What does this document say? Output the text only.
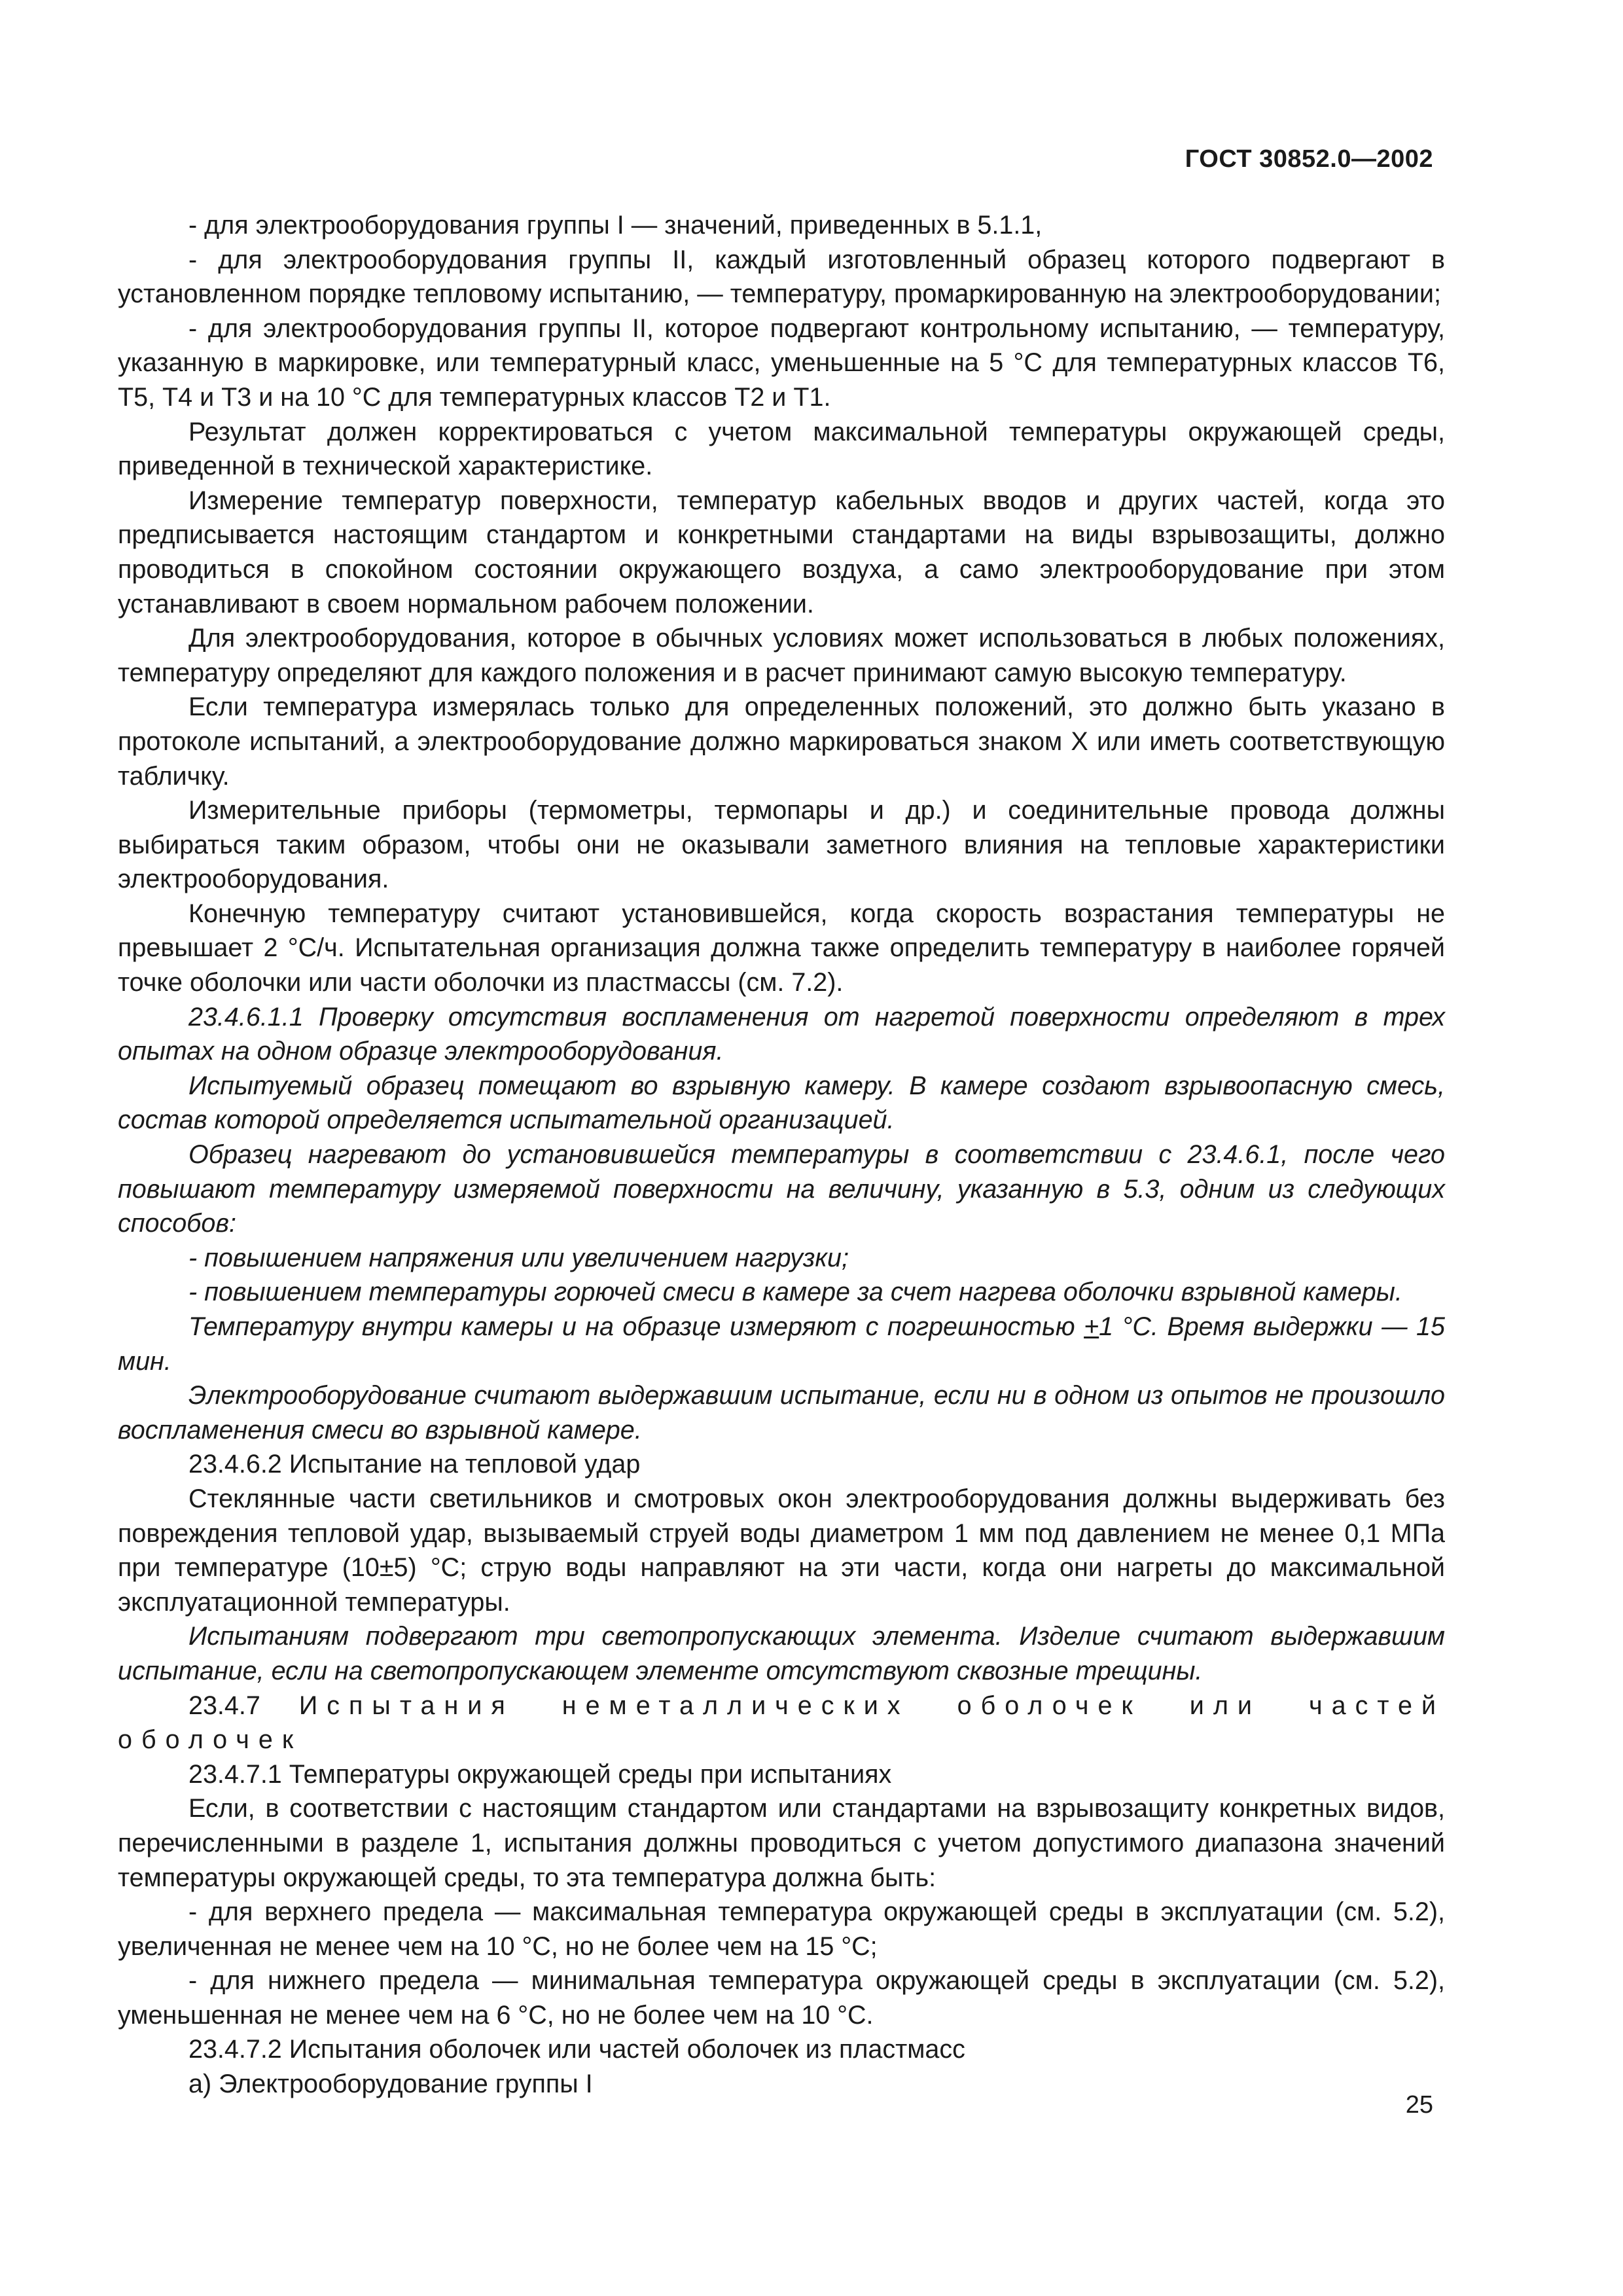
ГОСТ 30852.0—2002

- для электрооборудования группы I — значений, приведенных в 5.1.1,

- для электрооборудования группы II, каждый изготовленный образец которого подвергают в установленном порядке тепловому испытанию, — температуру, промаркированную на электрооборудовании;

- для электрооборудования группы II, которое подвергают контрольному испытанию, — температуру, указанную в маркировке, или температурный класс, уменьшенные на 5 °С для температурных классов Т6, Т5, Т4 и Т3 и на 10 °С для температурных классов Т2 и Т1.

Результат должен корректироваться с учетом максимальной температуры окружающей среды, приведенной в технической характеристике.

Измерение температур поверхности, температур кабельных вводов и других частей, когда это предписывается настоящим стандартом и конкретными стандартами на виды взрывозащиты, должно проводиться в спокойном состоянии окружающего воздуха, а само электрооборудование при этом устанавливают в своем нормальном рабочем положении.

Для электрооборудования, которое в обычных условиях может использоваться в любых положениях, температуру определяют для каждого положения и в расчет принимают самую высокую температуру.

Если температура измерялась только для определенных положений, это должно быть указано в протоколе испытаний, а электрооборудование должно маркироваться знаком X или иметь соответствующую табличку.

Измерительные приборы (термометры, термопары и др.) и соединительные провода должны выбираться таким образом, чтобы они не оказывали заметного влияния на тепловые характеристики электрооборудования.

Конечную температуру считают установившейся, когда скорость возрастания температуры не превышает 2 °С/ч. Испытательная организация должна также определить температуру в наиболее горячей точке оболочки или части оболочки из пластмассы (см. 7.2).

23.4.6.1.1 Проверку отсутствия воспламенения от нагретой поверхности определяют в трех опытах на одном образце электрооборудования.

Испытуемый образец помещают во взрывную камеру. В камере создают взрывоопасную смесь, состав которой определяется испытательной организацией.

Образец нагревают до установившейся температуры в соответствии с 23.4.6.1, после чего повышают температуру измеряемой поверхности на величину, указанную в 5.3, одним из следующих способов:

- повышением напряжения или увеличением нагрузки;

- повышением температуры горючей смеси в камере за счет нагрева оболочки взрывной камеры.

Температуру внутри камеры и на образце измеряют с погрешностью +1 °С. Время выдержки — 15 мин.

Электрооборудование считают выдержавшим испытание, если ни в одном из опытов не произошло воспламенения смеси во взрывной камере.

23.4.6.2 Испытание на тепловой удар

Стеклянные части светильников и смотровых окон электрооборудования должны выдерживать без повреждения тепловой удар, вызываемый струей воды диаметром 1 мм под давлением не менее 0,1 МПа при температуре (10±5) °С; струю воды направляют на эти части, когда они нагреты до максимальной эксплуатационной температуры.

Испытаниям подвергают три светопропускающих элемента. Изделие считают выдержавшим испытание, если на светопропускающем элементе отсутствуют сквозные трещины.

23.4.7 Испытания неметаллических оболочек или частей оболочек

23.4.7.1 Температуры окружающей среды при испытаниях

Если, в соответствии с настоящим стандартом или стандартами на взрывозащиту конкретных видов, перечисленными в разделе 1, испытания должны проводиться с учетом допустимого диапазона значений температуры окружающей среды, то эта температура должна быть:

- для верхнего предела — максимальная температура окружающей среды в эксплуатации (см. 5.2), увеличенная не менее чем на 10 °С, но не более чем на 15 °С;

- для нижнего предела — минимальная температура окружающей среды в эксплуатации (см. 5.2), уменьшенная не менее чем на 6 °С, но не более чем на 10 °С.

23.4.7.2 Испытания оболочек или частей оболочек из пластмасс

а) Электрооборудование группы I

25
